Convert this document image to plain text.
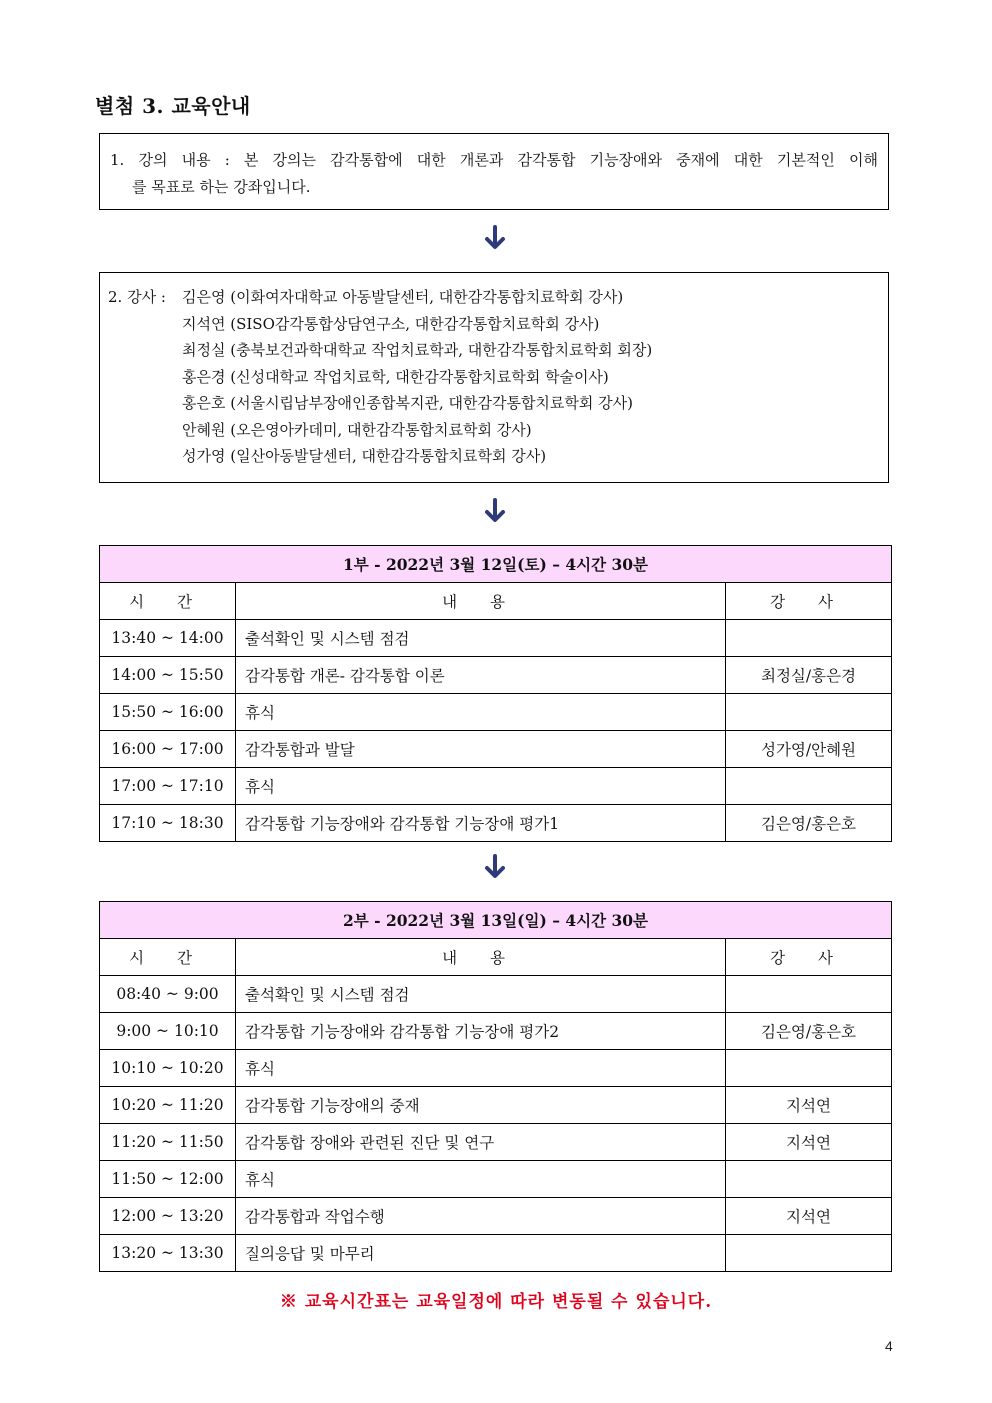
별첨 3. 교육안내
1. 강의 내용 : 본 강의는 감각통합에 대한 개론과 감각통합 기능장애와 중재에 대한 기본적인 이해
를 목표로 하는 강좌입니다.
2. 강사 : 김은영 (이화여자대학교 아동발달센터, 대한감각통합치료학회 강사)
지석연 (SISO감각통합상담연구소, 대한감각통합치료학회 강사)
최정실 (충북보건과학대학교 작업치료학과, 대한감각통합치료학회 회장)
홍은경 (신성대학교 작업치료학, 대한감각통합치료학회 학술이사)
홍은호 (서울시립남부장애인종합복지관, 대한감각통합치료학회 강사)
안혜원 (오은영아카데미, 대한감각통합치료학회 강사)
성가영 (일산아동발달센터, 대한감각통합치료학회 강사)
1부 - 2022년 3월 12일(토) – 4시간 30분		
시 간	내 용	강 사
13:40 ~ 14:00	출석확인 및 시스템 점검	
14:00 ~ 15:50	감각통합 개론- 감각통합 이론	최정실/홍은경
15:50 ~ 16:00	휴식	
16:00 ~ 17:00	감각통합과 발달	성가영/안혜원
17:00 ~ 17:10	휴식	
17:10 ~ 18:30	감각통합 기능장애와 감각통합 기능장애 평가1	김은영/홍은호
2부 - 2022년 3월 13일(일) – 4시간 30분		
시 간	내 용	강 사
08:40 ~ 9:00	출석확인 및 시스템 점검	
9:00 ~ 10:10	감각통합 기능장애와 감각통합 기능장애 평가2	김은영/홍은호
10:10 ~ 10:20	휴식	
10:20 ~ 11:20	감각통합 기능장애의 중재	지석연
11:20 ~ 11:50	감각통합 장애와 관련된 진단 및 연구	지석연
11:50 ~ 12:00	휴식	
12:00 ~ 13:20	감각통합과 작업수행	지석연
13:20 ~ 13:30	질의응답 및 마무리	
※ 교육시간표는 교육일정에 따라 변동될 수 있습니다.
4
